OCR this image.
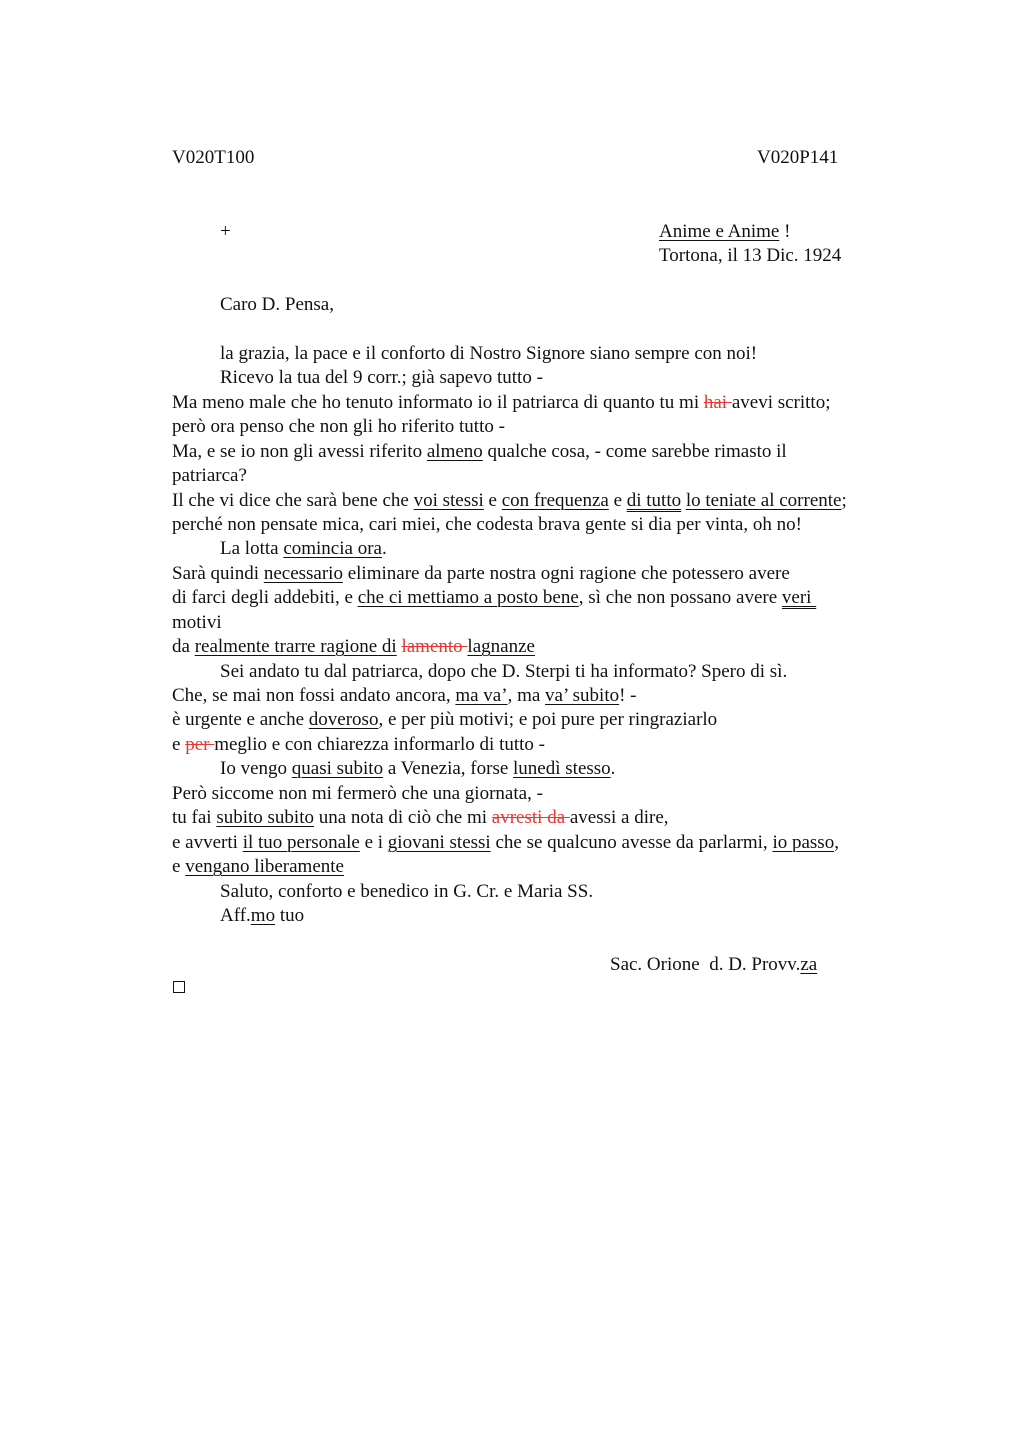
V020T100	V020P141
+	Anime e Anime !
Tortona, il 13 Dic. 1924
Caro D. Pensa,
la grazia, la pace e il conforto di Nostro Signore siano sempre con noi!
Ricevo la tua del 9 corr.; già sapevo tutto -
Ma meno male che ho tenuto informato io il patriarca di quanto tu mi hai avevi scritto;
però ora penso che non gli ho riferito tutto -
Ma, e se io non gli avessi riferito almeno qualche cosa, - come sarebbe rimasto il
patriarca?
Il che vi dice che sarà bene che voi stessi e con frequenza e di tutto lo teniate al corrente;
perché non pensate mica, cari miei, che codesta brava gente si dia per vinta, oh no!
La lotta comincia ora.
Sarà quindi necessario eliminare da parte nostra ogni ragione che potessero avere
di farci degli addebiti, e che ci mettiamo a posto bene, sì che non possano avere veri
motivi
da realmente trarre ragione di lamento lagnanze
Sei andato tu dal patriarca, dopo che D. Sterpi ti ha informato? Spero di sì.
Che, se mai non fossi andato ancora, ma va’, ma va’ subito! -
è urgente e anche doveroso, e per più motivi; e poi pure per ringraziarlo
e per meglio e con chiarezza informarlo di tutto -
Io vengo quasi subito a Venezia, forse lunedì stesso.
Però siccome non mi fermerò che una giornata, -
tu fai subito subito una nota di ciò che mi avresti da avessi a dire,
e avverti il tuo personale e i giovani stessi che se qualcuno avesse da parlarmi, io passo,
e vengano liberamente
Saluto, conforto e benedico in G. Cr. e Maria SS.
Aff.mo tuo
Sac. Orione  d. D. Provv.za
